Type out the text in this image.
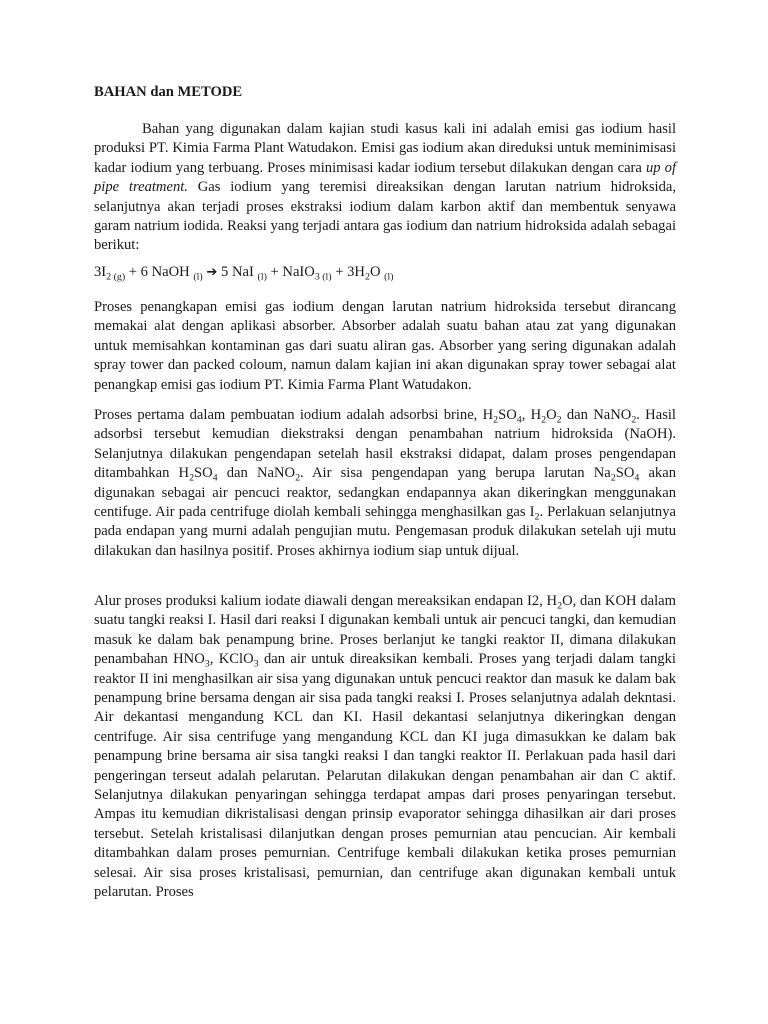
BAHAN dan METODE

Bahan yang digunakan dalam kajian studi kasus kali ini adalah emisi gas iodium hasil produksi PT. Kimia Farma Plant Watudakon. Emisi gas iodium akan direduksi untuk meminimisasi kadar iodium yang terbuang. Proses minimisasi kadar iodium tersebut dilakukan dengan cara up of pipe treatment. Gas iodium yang teremisi direaksikan dengan larutan natrium hidroksida, selanjutnya akan terjadi proses ekstraksi iodium dalam karbon aktif dan membentuk senyawa garam natrium iodida. Reaksi yang terjadi antara gas iodium dan natrium hidroksida adalah sebagai berikut:

$3I_{2 (g)} + 6$ NaOH $_{(l)}$ ➔ 5 NaI $_{(l)}$ + NaIO$_{3 (l)}$ + $3H_2O$ $_{(l)}$

Proses penangkapan emisi gas iodium dengan larutan natrium hidroksida tersebut dirancang memakai alat dengan aplikasi absorber. Absorber adalah suatu bahan atau zat yang digunakan untuk memisahkan kontaminan gas dari suatu aliran gas. Absorber yang sering digunakan adalah spray tower dan packed coloum, namun dalam kajian ini akan digunakan spray tower sebagai alat penangkap emisi gas iodium PT. Kimia Farma Plant Watudakon.

Proses pertama dalam pembuatan iodium adalah adsorbsi brine, $H_2SO_4$, $H_2O_2$ dan NaNO$_2$. Hasil adsorbsi tersebut kemudian diekstraksi dengan penambahan natrium hidroksida (NaOH). Selanjutnya dilakukan pengendapan setelah hasil ekstraksi didapat, dalam proses pengendapan ditambahkan $H_2SO_4$ dan NaNO$_2$. Air sisa pengendapan yang berupa larutan $Na_2SO_4$ akan digunakan sebagai air pencuci reaktor, sedangkan endapannya akan dikeringkan menggunakan centifuge. Air pada centrifuge diolah kembali sehingga menghasilkan gas $I_2$. Perlakuan selanjutnya pada endapan yang murni adalah pengujian mutu. Pengemasan produk dilakukan setelah uji mutu dilakukan dan hasilnya positif. Proses akhirnya iodium siap untuk dijual.

Alur proses produksi kalium iodate diawali dengan mereaksikan endapan I2, $H_2O$, dan KOH dalam suatu tangki reaksi I. Hasil dari reaksi I digunakan kembali untuk air pencuci tangki, dan kemudian masuk ke dalam bak penampung brine. Proses berlanjut ke tangki reaktor II, dimana dilakukan penambahan $HNO_3$, KClO$_3$ dan air untuk direaksikan kembali. Proses yang terjadi dalam tangki reaktor II ini menghasilkan air sisa yang digunakan untuk pencuci reaktor dan masuk ke dalam bak penampung brine bersama dengan air sisa pada tangki reaksi I. Proses selanjutnya adalah dekntasi. Air dekantasi mengandung KCL dan KI. Hasil dekantasi selanjutnya dikeringkan dengan centrifuge. Air sisa centrifuge yang mengandung KCL dan KI juga dimasukkan ke dalam bak penampung brine bersama air sisa tangki reaksi I dan tangki reaktor II. Perlakuan pada hasil dari pengeringan terseut adalah pelarutan. Pelarutan dilakukan dengan penambahan air dan C aktif. Selanjutnya dilakukan penyaringan sehingga terdapat ampas dari proses penyaringan tersebut. Ampas itu kemudian dikristalisasi dengan prinsip evaporator sehingga dihasilkan air dari proses tersebut. Setelah kristalisasi dilanjutkan dengan proses pemurnian atau pencucian. Air kembali ditambahkan dalam proses pemurnian. Centrifuge kembali dilakukan ketika proses pemurnian selesai. Air sisa proses kristalisasi, pemurnian, dan centrifuge akan digunakan kembali untuk pelarutan. Proses
